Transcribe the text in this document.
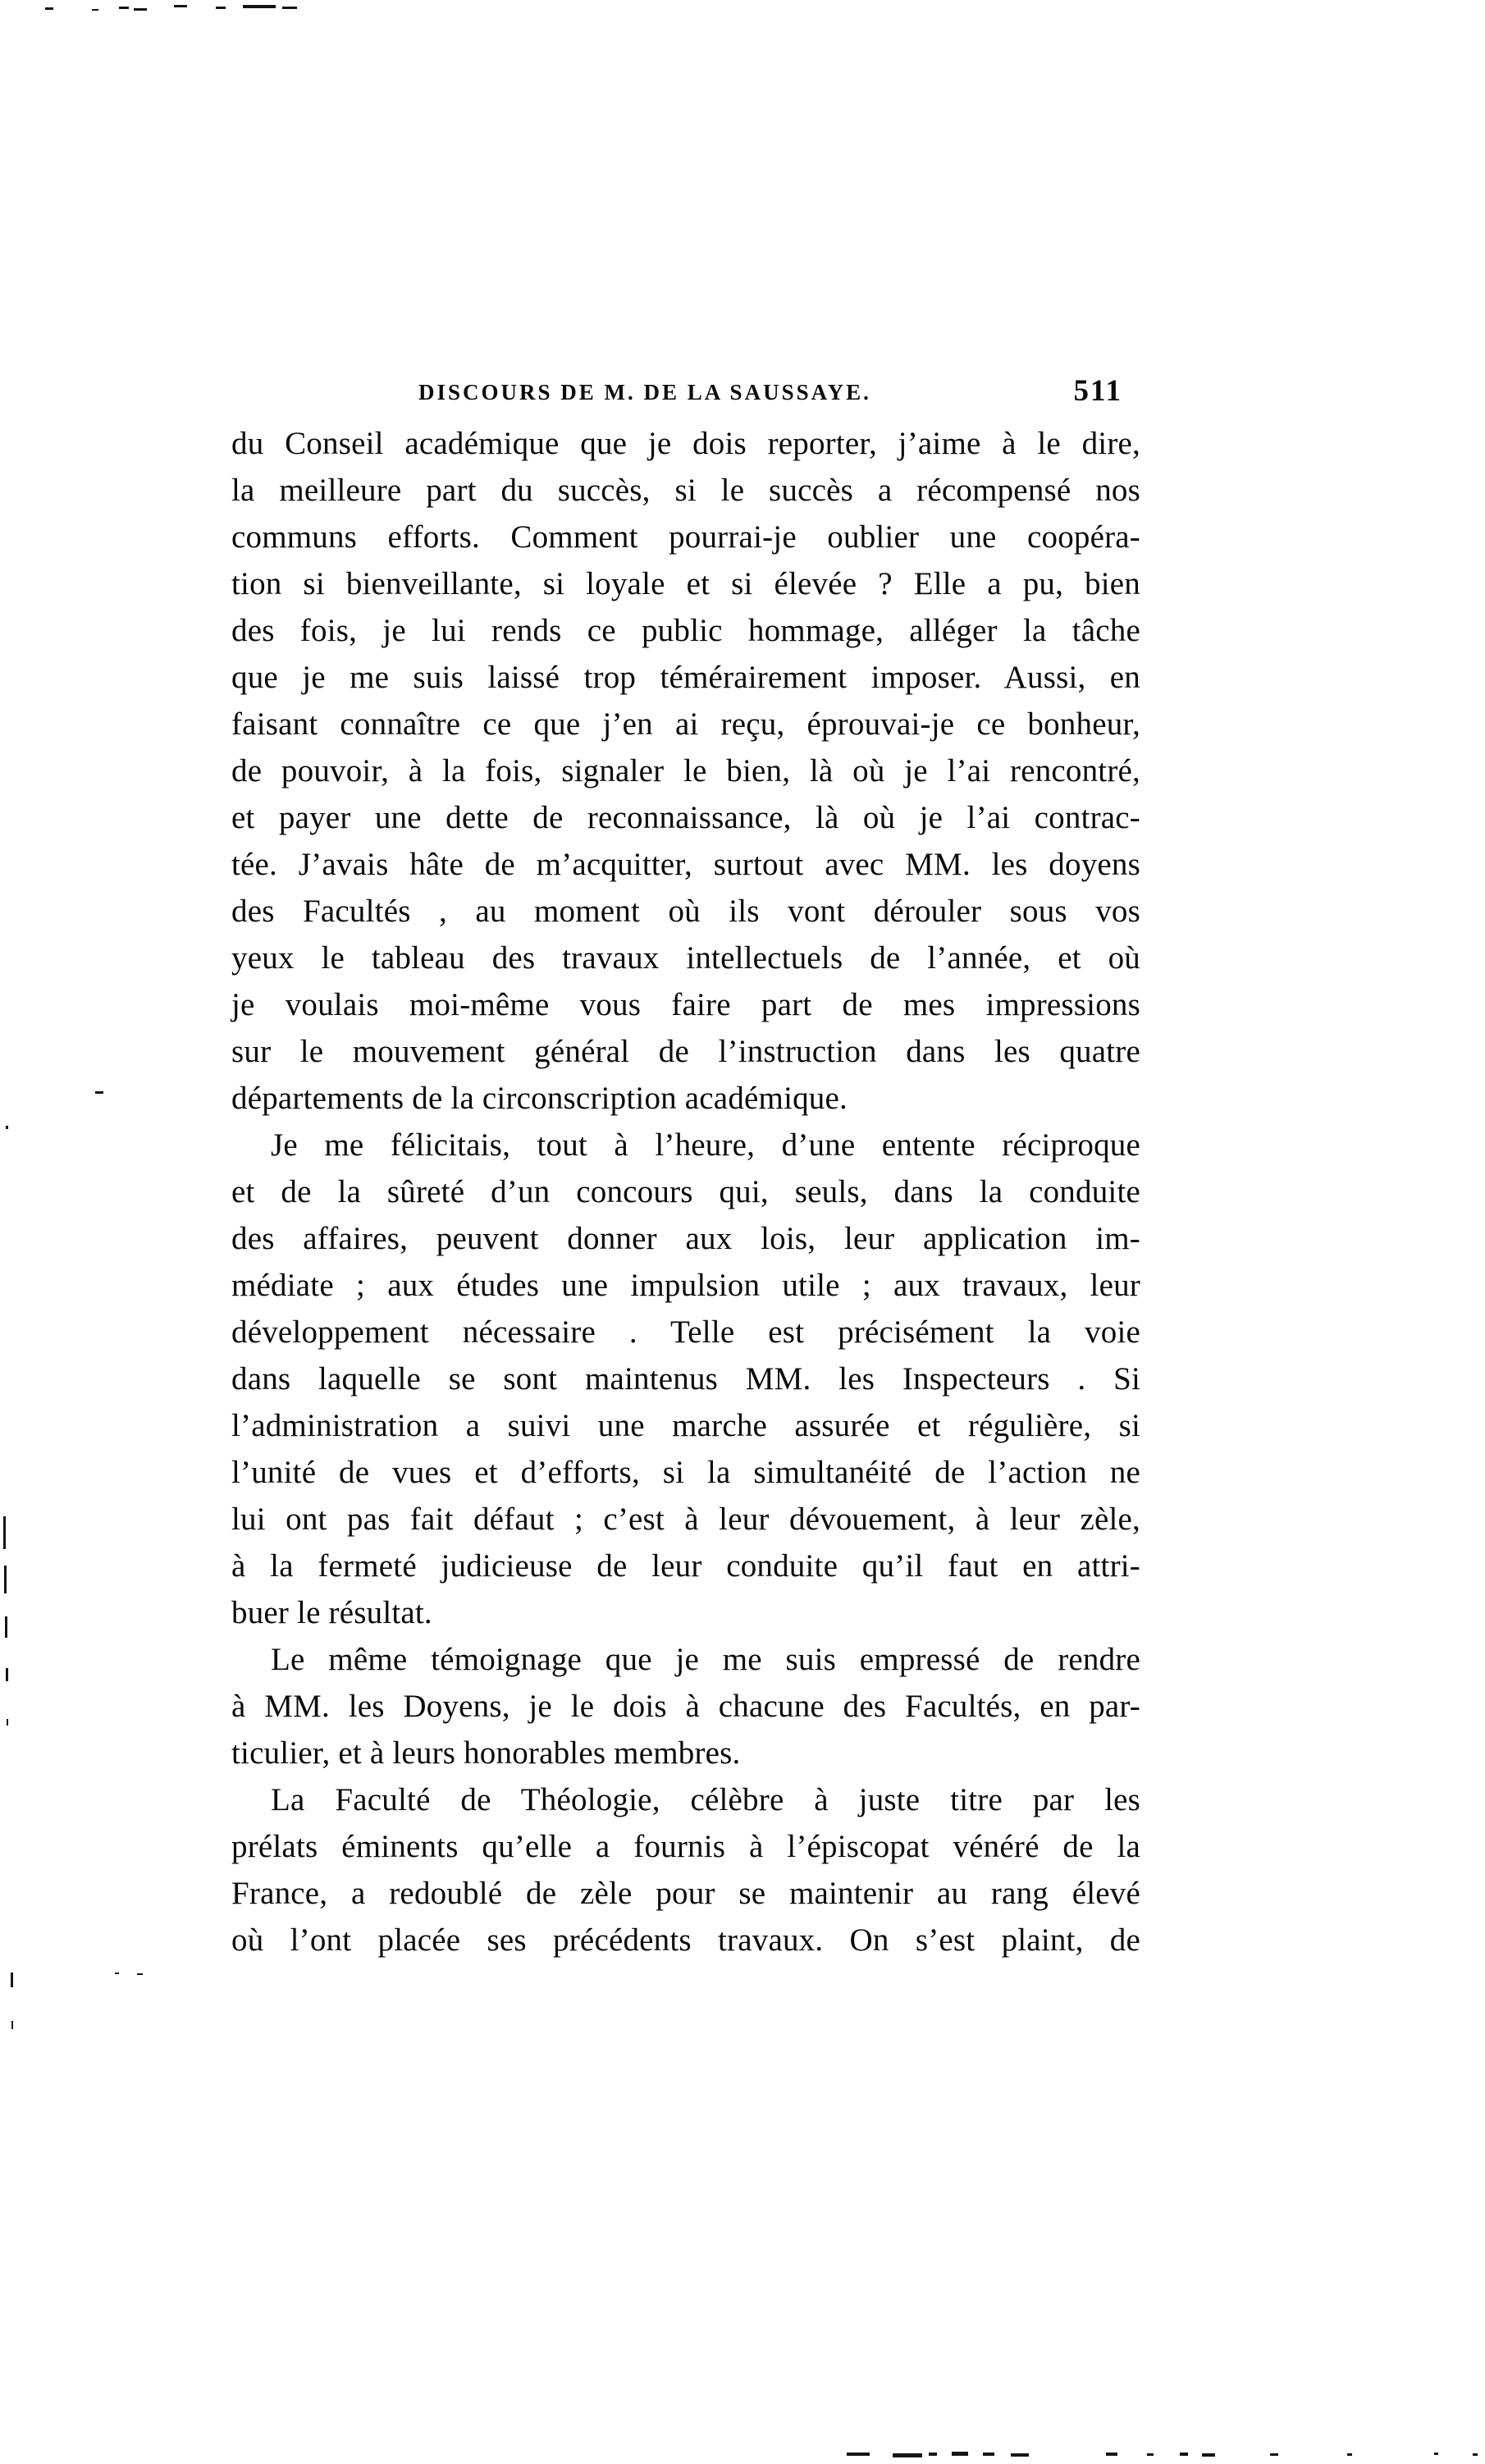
DISCOURS DE M. DE LA SAUSSAYE.	511
du Conseil académique que je dois reporter, j’aime à le dire,
la meilleure part du succès, si le succès a récompensé nos
communs efforts. Comment pourrai-je oublier une coopéra-
tion si bienveillante, si loyale et si élevée ? Elle a pu, bien
des fois, je lui rends ce public hommage, alléger la tâche
que je me suis laissé trop témérairement imposer. Aussi, en
faisant connaître ce que j’en ai reçu, éprouvai-je ce bonheur,
de pouvoir, à la fois, signaler le bien, là où je l’ai rencontré,
et payer une dette de reconnaissance, là où je l’ai contrac-
tée. J’avais hâte de m’acquitter, surtout avec MM. les doyens
des Facultés , au moment où ils vont dérouler sous vos
yeux le tableau des travaux intellectuels de l’année, et où
je voulais moi-même vous faire part de mes impressions
sur le mouvement général de l’instruction dans les quatre
départements de la circonscription académique.
Je me félicitais, tout à l’heure, d’une entente réciproque
et de la sûreté d’un concours qui, seuls, dans la conduite
des affaires, peuvent donner aux lois, leur application im-
médiate ; aux études une impulsion utile ; aux travaux, leur
développement nécessaire . Telle est précisément la voie
dans laquelle se sont maintenus MM. les Inspecteurs . Si
l’administration a suivi une marche assurée et régulière, si
l’unité de vues et d’efforts, si la simultanéité de l’action ne
lui ont pas fait défaut ; c’est à leur dévouement, à leur zèle,
à la fermeté judicieuse de leur conduite qu’il faut en attri-
buer le résultat.
Le même témoignage que je me suis empressé de rendre
à MM. les Doyens, je le dois à chacune des Facultés, en par-
ticulier, et à leurs honorables membres.
La Faculté de Théologie, célèbre à juste titre par les
prélats éminents qu’elle a fournis à l’épiscopat vénéré de la
France, a redoublé de zèle pour se maintenir au rang élevé
où l’ont placée ses précédents travaux. On s’est plaint, de
